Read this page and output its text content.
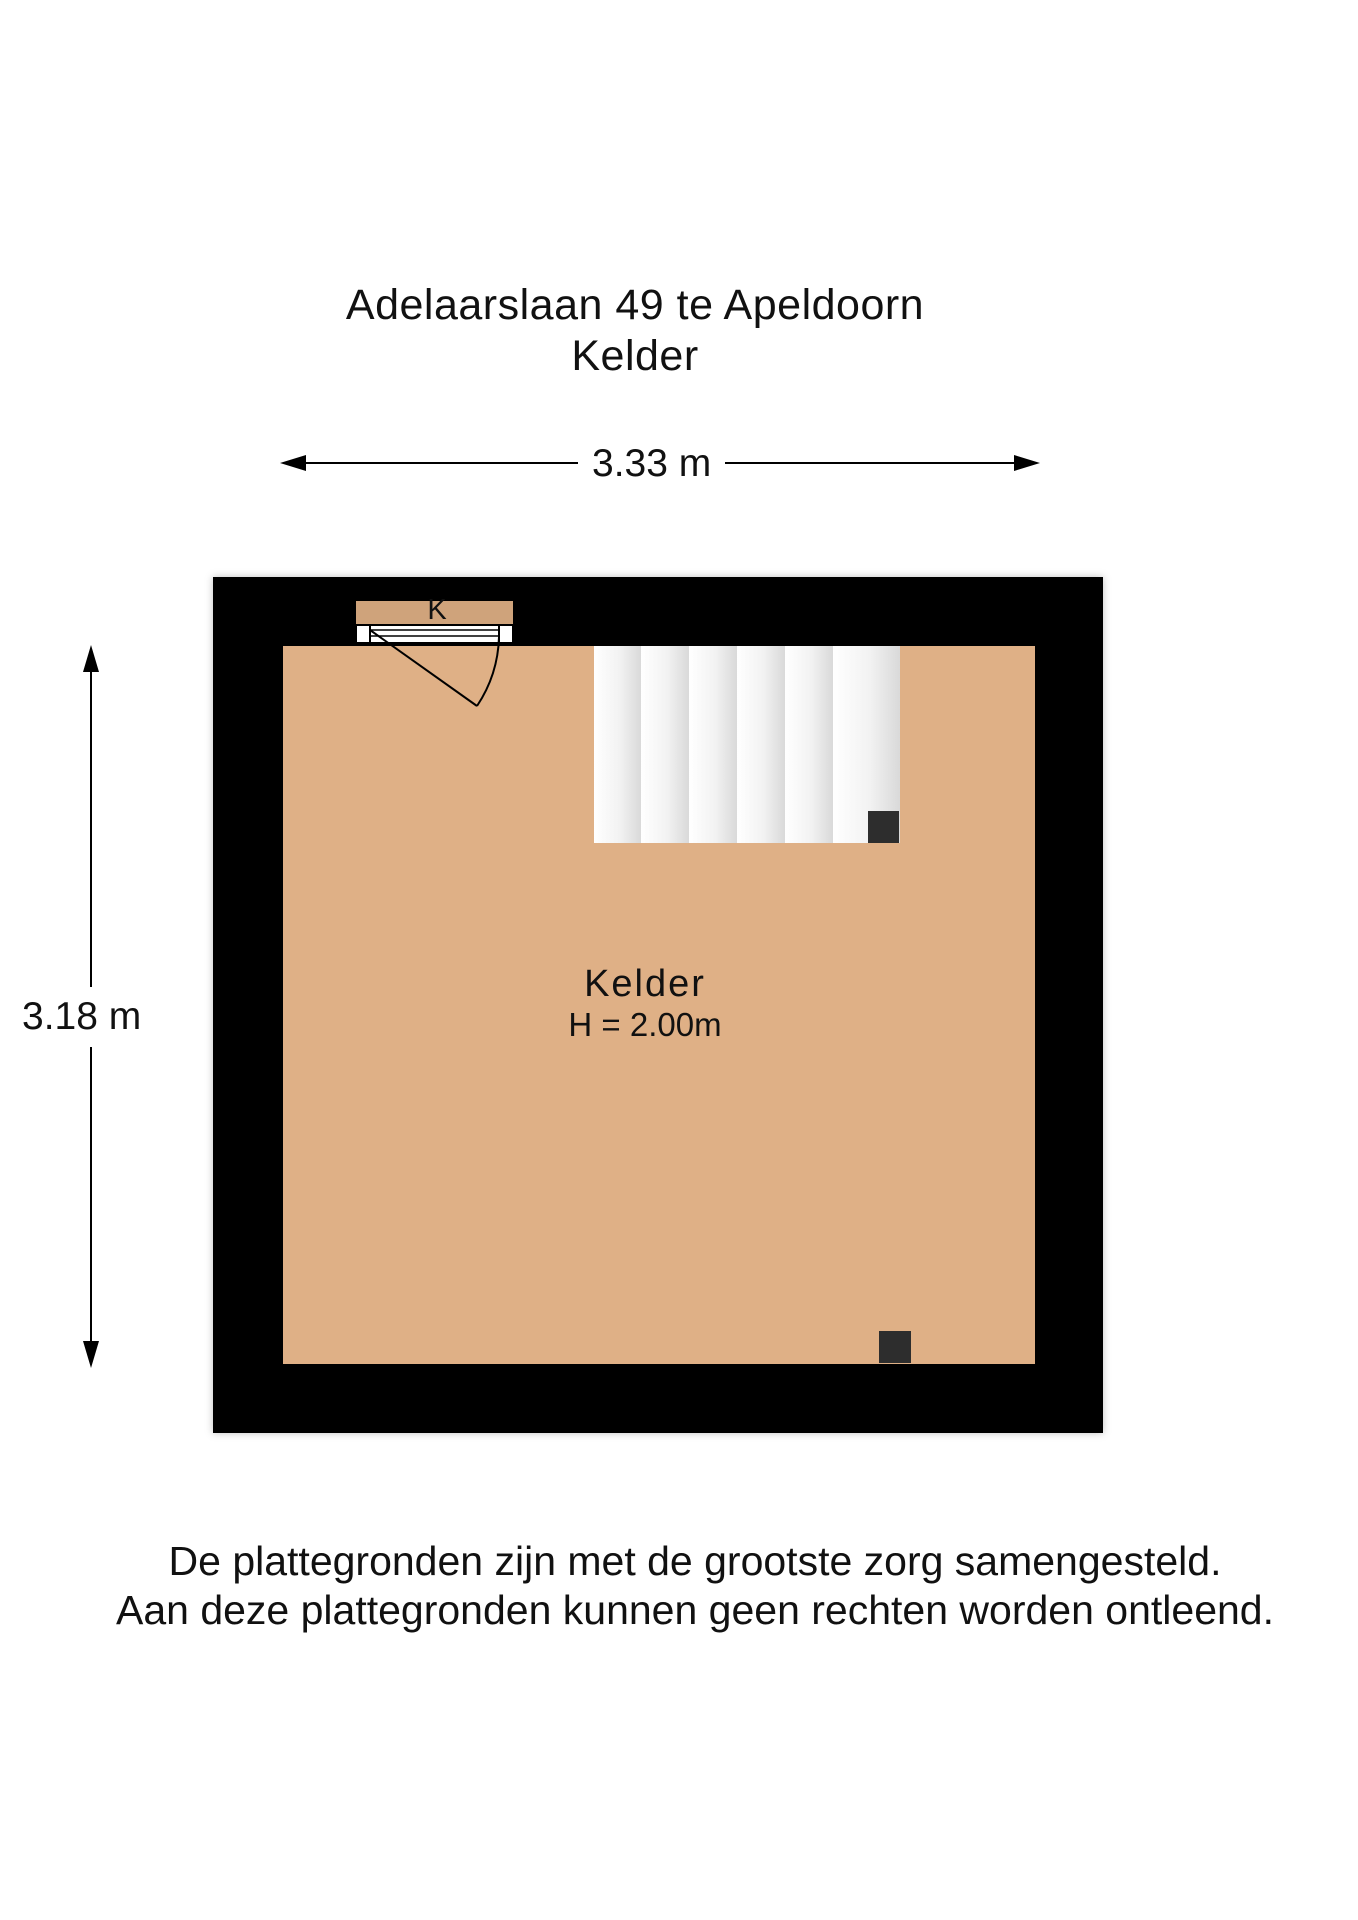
Adelaarslaan 49 te Apeldoorn
Kelder
K
3.33 m
3.18 m
Kelder
H = 2.00m
De plattegronden zijn met de grootste zorg samengesteld.
Aan deze plattegronden kunnen geen rechten worden ontleend.
